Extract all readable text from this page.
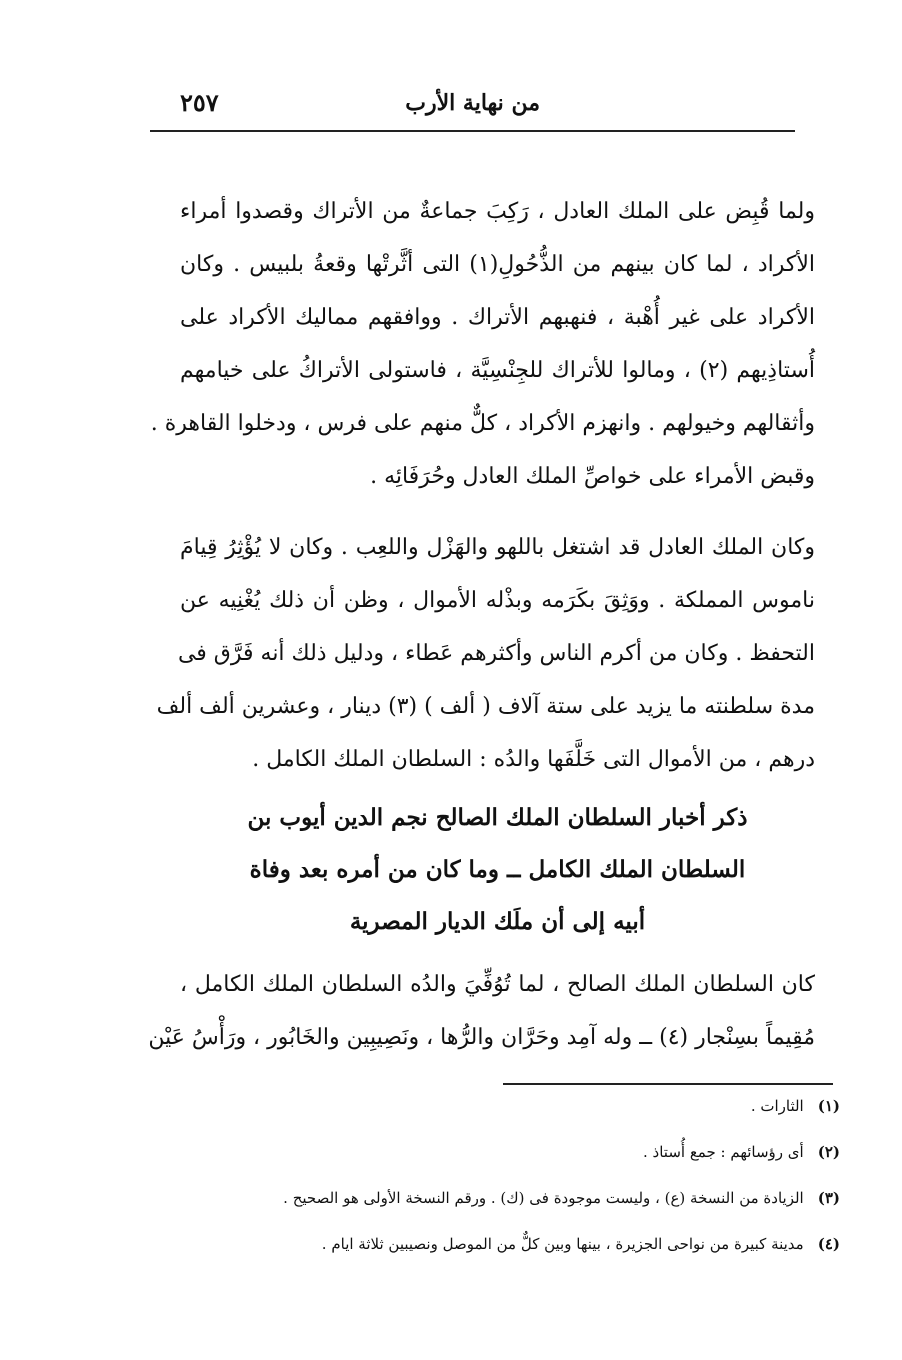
من نهاية الأرب
٢٥٧
ولما قُبِض على الملك العادل ، رَكِبَ جماعةٌ من الأتراك وقصدوا أمراء
الأكراد ، لما كان بينهم من الذُّحُولِ(١) التى أثَّرتْها وقعةُ بلبيس . وكان
الأكراد على غير أُهْبة ، فنهبهم الأتراك . ووافقهم مماليك الأكراد على
أُستاذِيهم (٢) ، ومالوا للأتراك للجِنْسِيَّة ، فاستولى الأتراكُ على خيامهم
وأثقالهم وخيولهم . وانهزم الأكراد ، كلٌّ منهم على فرس ، ودخلوا القاهرة .
وقبض الأمراء على خواصِّ الملك العادل وحُرَفَائِه .
وكان الملك العادل قد اشتغل باللهو والهَزْل واللعِب . وكان لا يُؤْثِرُ قِيامَ
ناموس المملكة . ووَثِقَ بكَرَمه وبذْله الأموال ، وظن أن ذلك يُغْنِيه عن
التحفظ . وكان من أكرم الناس وأكثرهم عَطاء ، ودليل ذلك أنه فَرَّق فى
مدة سلطنته ما يزيد على ستة آلاف ( ألف ) (٣) دينار ، وعشرين ألف ألف
درهم ، من الأموال التى خَلَّفَها والدُه : السلطان الملك الكامل .
ذكر أخبار السلطان الملك الصالح نجم الدين أيوب بن
السلطان الملك الكامل ــ وما كان من أمره بعد وفاة
أبيه إلى أن ملَك الديار المصرية
كان السلطان الملك الصالح ، لما تُوُفِّيَ والدُه السلطان الملك الكامل ،
مُقِيماً بسِنْجار (٤) ــ وله آمِد وحَرَّان والرُّها ، ونَصِيبِين والخَابُور ، ورَأْسُ عَيْن
(١)الثارات .
(٢)أى رؤسائهم : جمع أُستاذ .
(٣)الزيادة من النسخة (ع) ، وليست موجودة فى (ك) . ورقم النسخة الأولى هو الصحيح .
(٤)مدينة كبيرة من نواحى الجزيرة ، بينها وبين كلٌّ من الموصل ونصيبين ثلاثة ايام .
